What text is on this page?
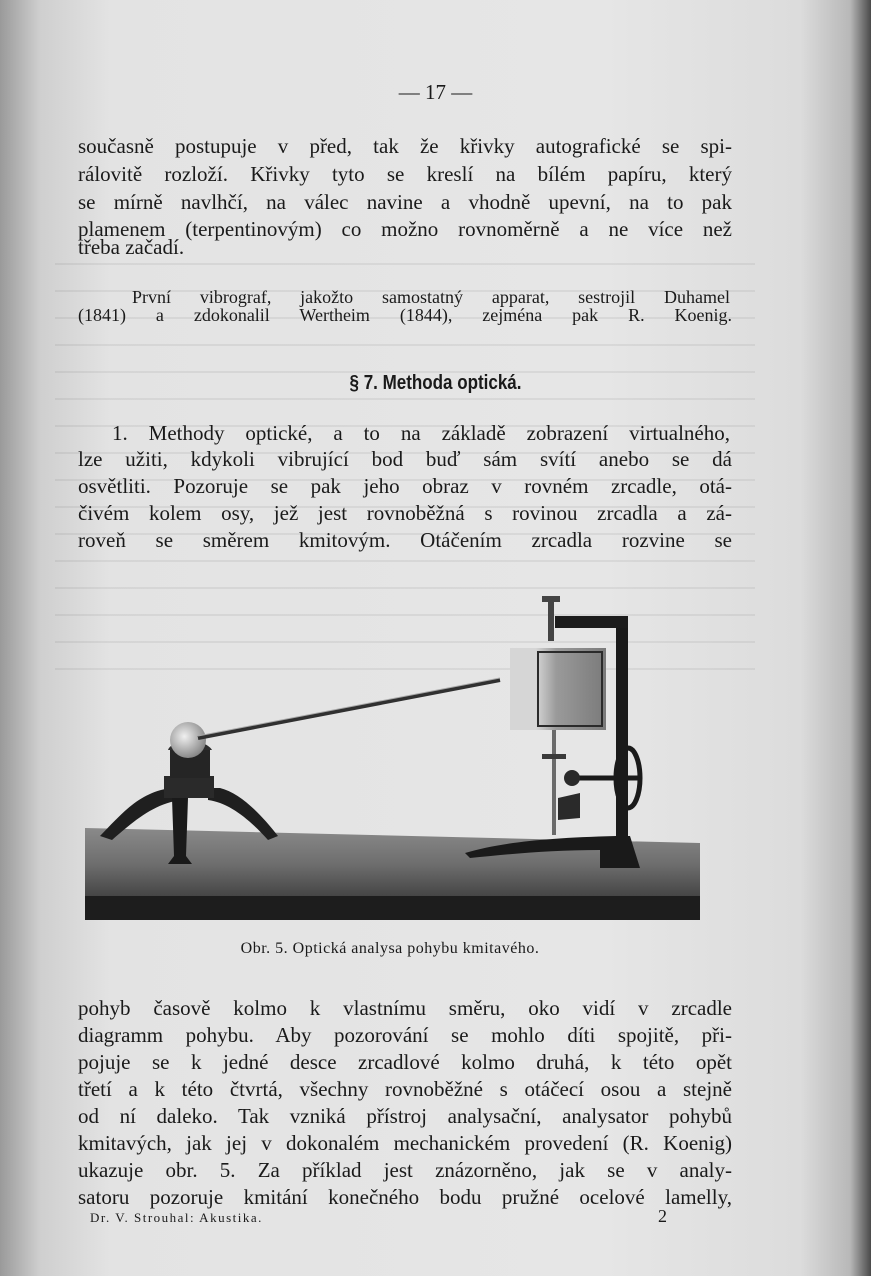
— 17 —
současně postupuje v před, tak že křivky autografické se spi-
rálovitě rozloží. Křivky tyto se kreslí na bílém papíru, který
se mírně navlhčí, na válec navine a vhodně upevní, na to pak
plamenem (terpentinovým) co možno rovnoměrně a ne více než
třeba začadí.
První vibrograf, jakožto samostatný apparat, sestrojil Duhamel
(1841) a zdokonalil Wertheim (1844), zejména pak R. Koenig.
§ 7. Methoda optická.
1. Methody optické, a to na základě zobrazení virtualného,
lze užiti, kdykoli vibrující bod buď sám svítí anebo se dá
osvětliti. Pozoruje se pak jeho obraz v rovném zrcadle, otá-
čivém kolem osy, jež jest rovnoběžná s rovinou zrcadla a zá-
roveň se směrem kmitovým. Otáčením zrcadla rozvine se
Obr. 5. Optická analysa pohybu kmitavého.
pohyb časově kolmo k vlastnímu směru, oko vidí v zrcadle
diagramm pohybu. Aby pozorování se mohlo díti spojitě, při-
pojuje se k jedné desce zrcadlové kolmo druhá, k této opět
třetí a k této čtvrtá, všechny rovnoběžné s otáčecí osou a stejně
od ní daleko. Tak vzniká přístroj analysační, analysator pohybů
kmitavých, jak jej v dokonalém mechanickém provedení (R. Koenig)
ukazuje obr. 5. Za příklad jest znázorněno, jak se v analy-
satoru pozoruje kmitání konečného bodu pružné ocelové lamelly,
Dr. V. Strouhal: Akustika.	2
